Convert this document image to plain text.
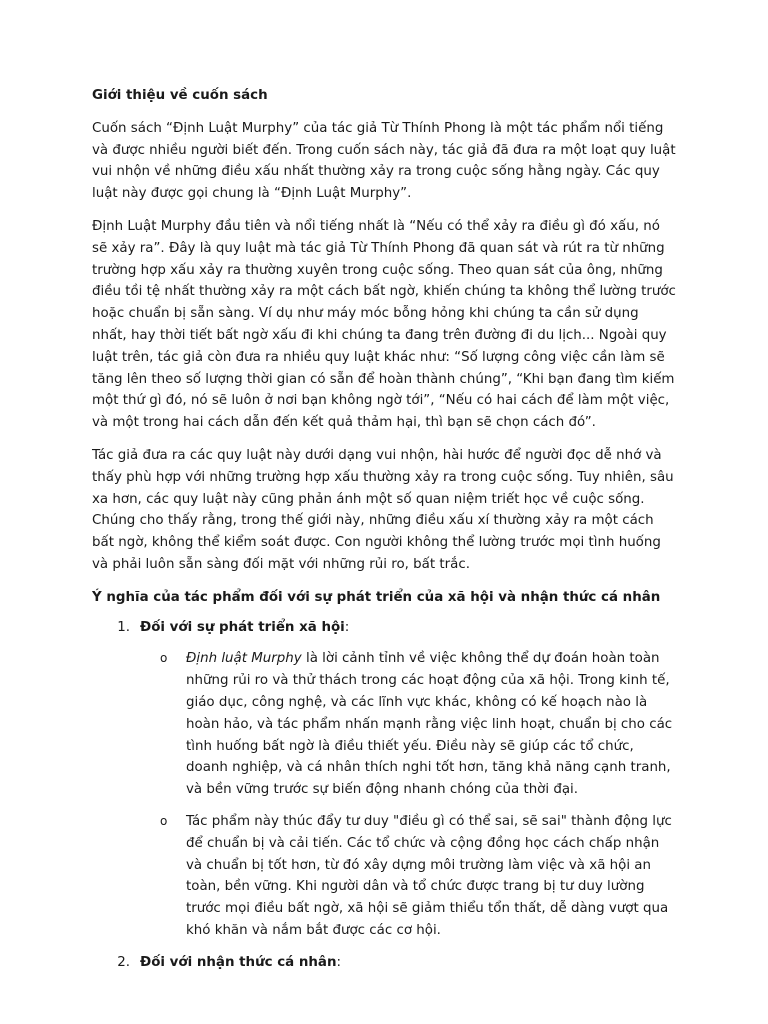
Giới thiệu về cuốn sách

Cuốn sách “Định Luật Murphy” của tác giả Từ Thính Phong là một tác phẩm nổi tiếng và được nhiều người biết đến. Trong cuốn sách này, tác giả đã đưa ra một loạt quy luật vui nhộn về những điều xấu nhất thường xảy ra trong cuộc sống hằng ngày. Các quy luật này được gọi chung là “Định Luật Murphy”.

Định Luật Murphy đầu tiên và nổi tiếng nhất là “Nếu có thể xảy ra điều gì đó xấu, nó sẽ xảy ra”. Đây là quy luật mà tác giả Từ Thính Phong đã quan sát và rút ra từ những trường hợp xấu xảy ra thường xuyên trong cuộc sống. Theo quan sát của ông, những điều tồi tệ nhất thường xảy ra một cách bất ngờ, khiến chúng ta không thể lường trước hoặc chuẩn bị sẵn sàng. Ví dụ như máy móc bỗng hỏng khi chúng ta cần sử dụng nhất, hay thời tiết bất ngờ xấu đi khi chúng ta đang trên đường đi du lịch... Ngoài quy luật trên, tác giả còn đưa ra nhiều quy luật khác như: “Số lượng công việc cần làm sẽ tăng lên theo số lượng thời gian có sẵn để hoàn thành chúng”, “Khi bạn đang tìm kiếm một thứ gì đó, nó sẽ luôn ở nơi bạn không ngờ tới”, “Nếu có hai cách để làm một việc, và một trong hai cách dẫn đến kết quả thảm hại, thì bạn sẽ chọn cách đó”.

Tác giả đưa ra các quy luật này dưới dạng vui nhộn, hài hước để người đọc dễ nhớ và thấy phù hợp với những trường hợp xấu thường xảy ra trong cuộc sống. Tuy nhiên, sâu xa hơn, các quy luật này cũng phản ánh một số quan niệm triết học về cuộc sống. Chúng cho thấy rằng, trong thế giới này, những điều xấu xí thường xảy ra một cách bất ngờ, không thể kiểm soát được. Con người không thể lường trước mọi tình huống và phải luôn sẵn sàng đối mặt với những rủi ro, bất trắc.

Ý nghĩa của tác phẩm đối với sự phát triển của xã hội và nhận thức cá nhân
1. Đối với sự phát triển xã hội:
o	Định luật Murphy là lời cảnh tỉnh về việc không thể dự đoán hoàn toàn những rủi ro và thử thách trong các hoạt động của xã hội. Trong kinh tế, giáo dục, công nghệ, và các lĩnh vực khác, không có kế hoạch nào là hoàn hảo, và tác phẩm nhấn mạnh rằng việc linh hoạt, chuẩn bị cho các tình huống bất ngờ là điều thiết yếu. Điều này sẽ giúp các tổ chức, doanh nghiệp, và cá nhân thích nghi tốt hơn, tăng khả năng cạnh tranh, và bền vững trước sự biến động nhanh chóng của thời đại.
o	Tác phẩm này thúc đẩy tư duy "điều gì có thể sai, sẽ sai" thành động lực để chuẩn bị và cải tiến. Các tổ chức và cộng đồng học cách chấp nhận và chuẩn bị tốt hơn, từ đó xây dựng môi trường làm việc và xã hội an toàn, bền vững. Khi người dân và tổ chức được trang bị tư duy lường trước mọi điều bất ngờ, xã hội sẽ giảm thiểu tổn thất, dễ dàng vượt qua khó khăn và nắm bắt được các cơ hội.
2. Đối với nhận thức cá nhân:
